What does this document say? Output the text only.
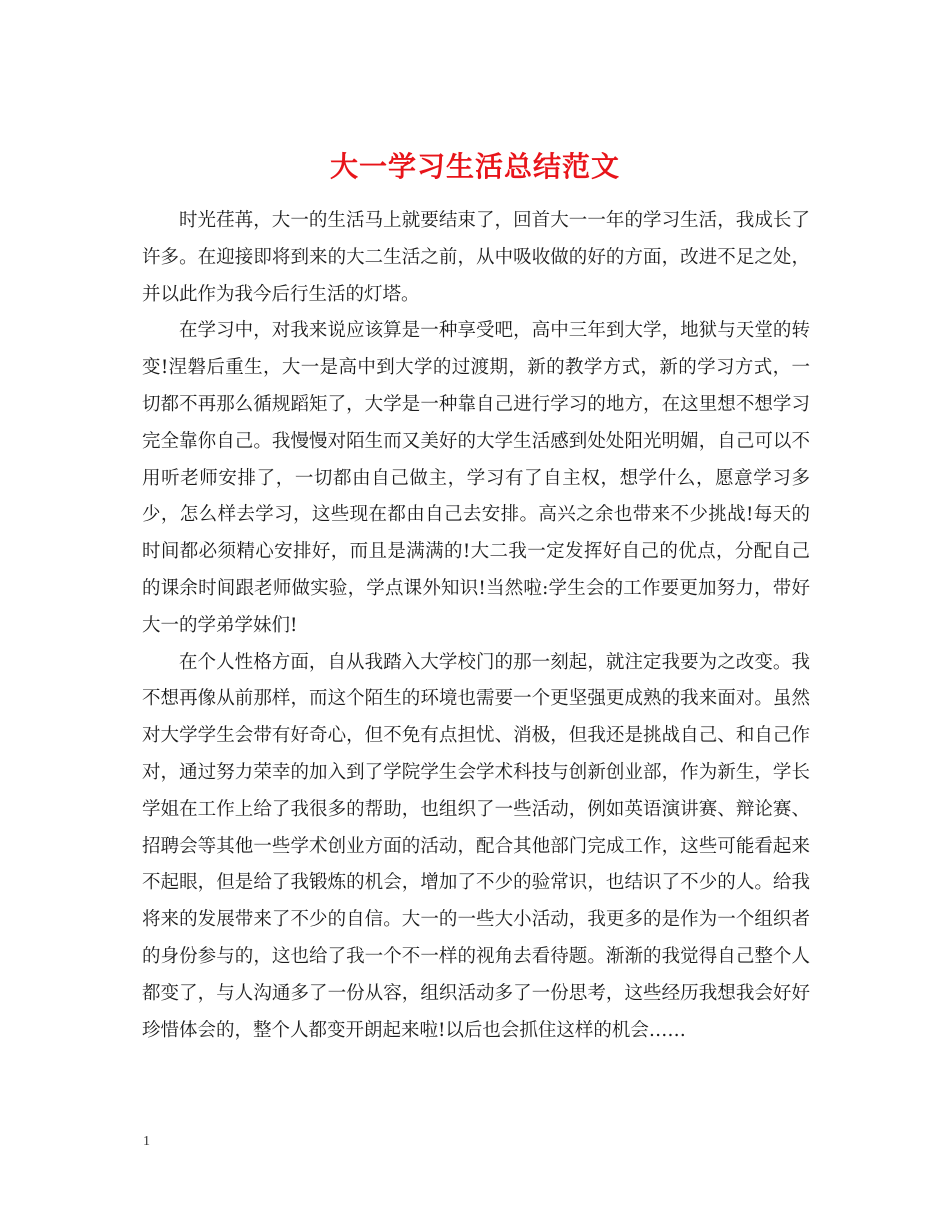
大一学习生活总结范文

时光荏苒，大一的生活马上就要结束了，回首大一一年的学习生活，我成长了许多。在迎接即将到来的大二生活之前，从中吸收做的好的方面，改进不足之处，并以此作为我今后行生活的灯塔。

在学习中，对我来说应该算是一种享受吧，高中三年到大学，地狱与天堂的转变!涅磐后重生，大一是高中到大学的过渡期，新的教学方式，新的学习方式，一切都不再那么循规蹈矩了，大学是一种靠自己进行学习的地方，在这里想不想学习完全靠你自己。我慢慢对陌生而又美好的大学生活感到处处阳光明媚，自己可以不用听老师安排了，一切都由自己做主，学习有了自主权，想学什么，愿意学习多少，怎么样去学习，这些现在都由自己去安排。高兴之余也带来不少挑战!每天的时间都必须精心安排好，而且是满满的!大二我一定发挥好自己的优点，分配自己的课余时间跟老师做实验，学点课外知识!当然啦:学生会的工作要更加努力，带好大一的学弟学妹们!

在个人性格方面，自从我踏入大学校门的那一刻起，就注定我要为之改变。我不想再像从前那样，而这个陌生的环境也需要一个更坚强更成熟的我来面对。虽然对大学学生会带有好奇心，但不免有点担忧、消极，但我还是挑战自己、和自己作对，通过努力荣幸的加入到了学院学生会学术科技与创新创业部，作为新生，学长学姐在工作上给了我很多的帮助，也组织了一些活动，例如英语演讲赛、辩论赛、招聘会等其他一些学术创业方面的活动，配合其他部门完成工作，这些可能看起来不起眼，但是给了我锻炼的机会，增加了不少的验常识，也结识了不少的人。给我将来的发展带来了不少的自信。大一的一些大小活动，我更多的是作为一个组织者的身份参与的，这也给了我一个不一样的视角去看待题。渐渐的我觉得自己整个人都变了，与人沟通多了一份从容，组织活动多了一份思考，这些经历我想我会好好珍惜体会的，整个人都变开朗起来啦!以后也会抓住这样的机会……

1
